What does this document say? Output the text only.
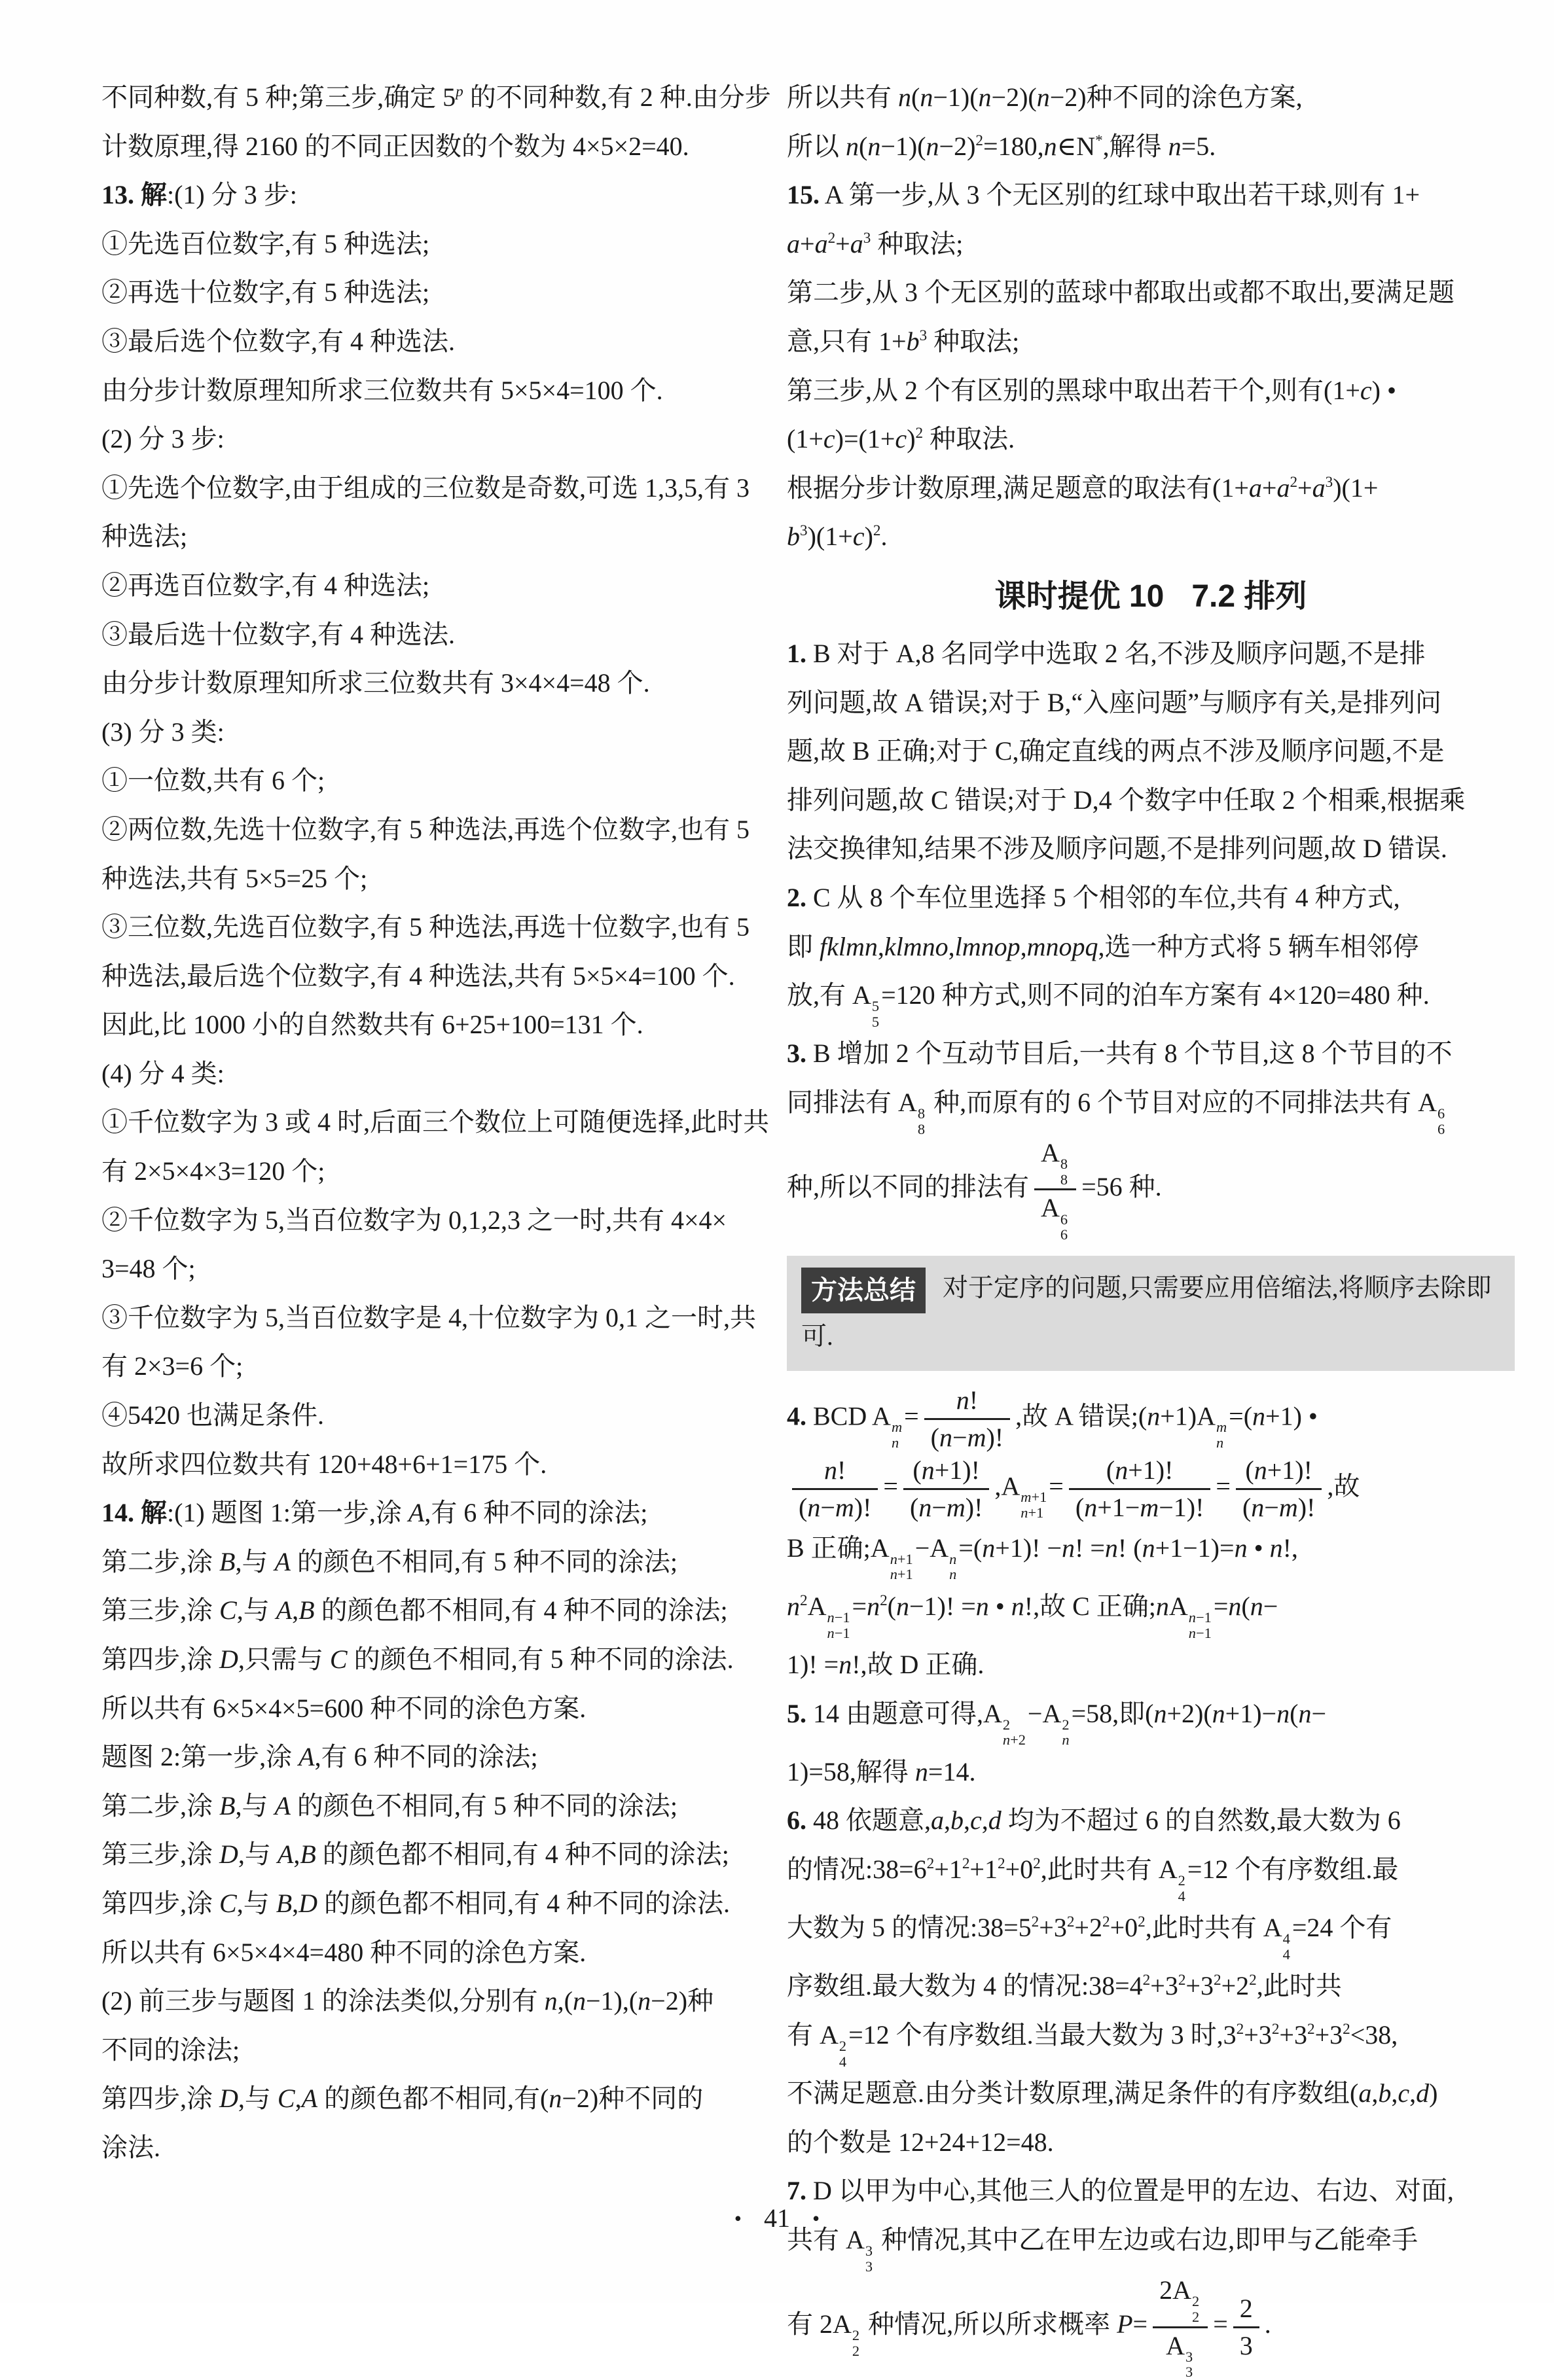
不同种数,有 5 种;第三步,确定 5$^p$ 的不同种数,有 2 种.由分步
计数原理,得 2160 的不同正因数的个数为 4×5×2=40.
13. 解:(1) 分 3 步:
①先选百位数字,有 5 种选法;
②再选十位数字,有 5 种选法;
③最后选个位数字,有 4 种选法.
由分步计数原理知所求三位数共有 5×5×4=100 个.
(2) 分 3 步:
①先选个位数字,由于组成的三位数是奇数,可选 1,3,5,有 3
种选法;
②再选百位数字,有 4 种选法;
③最后选十位数字,有 4 种选法.
由分步计数原理知所求三位数共有 3×4×4=48 个.
(3) 分 3 类:
①一位数,共有 6 个;
②两位数,先选十位数字,有 5 种选法,再选个位数字,也有 5
种选法,共有 5×5=25 个;
③三位数,先选百位数字,有 5 种选法,再选十位数字,也有 5
种选法,最后选个位数字,有 4 种选法,共有 5×5×4=100 个.
因此,比 1000 小的自然数共有 6+25+100=131 个.
(4) 分 4 类:
①千位数字为 3 或 4 时,后面三个数位上可随便选择,此时共
有 2×5×4×3=120 个;
②千位数字为 5,当百位数字为 0,1,2,3 之一时,共有 4×4×
3=48 个;
③千位数字为 5,当百位数字是 4,十位数字为 0,1 之一时,共
有 2×3=6 个;
④5420 也满足条件.
故所求四位数共有 120+48+6+1=175 个.
14. 解:(1) 题图 1:第一步,涂 A,有 6 种不同的涂法;
第二步,涂 B,与 A 的颜色不相同,有 5 种不同的涂法;
第三步,涂 C,与 A,B 的颜色都不相同,有 4 种不同的涂法;
第四步,涂 D,只需与 C 的颜色不相同,有 5 种不同的涂法.
所以共有 6×5×4×5=600 种不同的涂色方案.
题图 2:第一步,涂 A,有 6 种不同的涂法;
第二步,涂 B,与 A 的颜色不相同,有 5 种不同的涂法;
第三步,涂 D,与 A,B 的颜色都不相同,有 4 种不同的涂法;
第四步,涂 C,与 B,D 的颜色都不相同,有 4 种不同的涂法.
所以共有 6×5×4×4=480 种不同的涂色方案.
(2) 前三步与题图 1 的涂法类似,分别有 n,(n−1),(n−2)种
不同的涂法;
第四步,涂 D,与 C,A 的颜色都不相同,有(n−2)种不同的
涂法.
所以共有 n(n−1)(n−2)(n−2)种不同的涂色方案,
所以 $n(n-1)(n-2)^2=180,n\in N^*$,解得 n=5.
15. A 第一步,从 3 个无区别的红球中取出若干球,则有 1+
$a+a^2+a^3$ 种取法;
第二步,从 3 个无区别的蓝球中都取出或都不取出,要满足题
意,只有 $1+b^3$ 种取法;
第三步,从 2 个有区别的黑球中取出若干个,则有(1+c) •
$(1+c)=(1+c)^2$ 种取法.
根据分步计数原理,满足题意的取法有$(1+a+a^2+a^3)(1+$
$b^3)(1+c)^2$.
课时提优 10 7.2 排列
1. B 对于 A,8 名同学中选取 2 名,不涉及顺序问题,不是排
列问题,故 A 错误;对于 B,“入座问题”与顺序有关,是排列问
题,故 B 正确;对于 C,确定直线的两点不涉及顺序问题,不是
排列问题,故 C 错误;对于 D,4 个数字中任取 2 个相乘,根据乘
法交换律知,结果不涉及顺序问题,不是排列问题,故 D 错误.
2. C 从 8 个车位里选择 5 个相邻的车位,共有 4 种方式,
即 fklmn,klmno,lmnop,mnopq,选一种方式将 5 辆车相邻停
放,有 A 5
5
=120 种方式,则不同的泊车方案有 4×120=480 种.
3. B 增加 2 个互动节目后,一共有 8 个节目,这 8 个节目的不
同排法有 A 8
8
种,而原有的 6 个节目对应的不同排法共有 A 6
6
种,所以不同的排法有 A 8
8
A 6
6 =56 种.
方法总结 对于定序的问题,只需要应用倍缩法,将顺序去除即可.
4. BCD A m
n
= $\frac{n!}{(n-m)!}$ ,故 A 错误;(n+1)A m
n
=(n+1) •
$\frac{n!}{(n-m)!} = \frac{(n+1)!}{(n-m)!} ,A$ m+1
n+1
= $\frac{(n+1)!}{(n+1-m-1)!} = \frac{(n+1)!}{(n-m)!}$ ,故
B 正确;A n+1
n+1
−A n
n
=(n+1)! −n! =n! (n+1−1)=n • n!,
$n^2A$ n−1
n−1
$=n^2(n-1)$! =n • n!,故 C 正确;nA n−1
n−1
=n(n−
1)! =n!,故 D 正确.
5. 14 由题意可得,A 2
n+2
−A 2
n
=58,即(n+2)(n+1)−n(n−
1)=58,解得 n=14.
6. 48 依题意,a,b,c,d 均为不超过 6 的自然数,最大数为 6
的情况$:38=6^2+1^2+1^2+0^2$,此时共有 A 2
4
=12 个有序数组.最
大数为 5 的情况$:38=5^2+3^2+2^2+0^2$,此时共有 A 4
4
=24 个有
序数组.最大数为 4 的情况$:38=4^2+3^2+3^2+2^2$,此时共
有 A 2
4
=12 个有序数组.当最大数为 3 时$,3^2+3^2+3^2+3^2<38$,
不满足题意.由分类计数原理,满足条件的有序数组(a,b,c,d)
的个数是 12+24+12=48.
7. D 以甲为中心,其他三人的位置是甲的左边、右边、对面,
共有 A 3
3
种情况,其中乙在甲左边或右边,即甲与乙能牵手
有 2A 2
2
种情况,所以所求概率 P= 2A 2
2
A 3
$3 = \frac{2}{3}$ .
• 41 •
